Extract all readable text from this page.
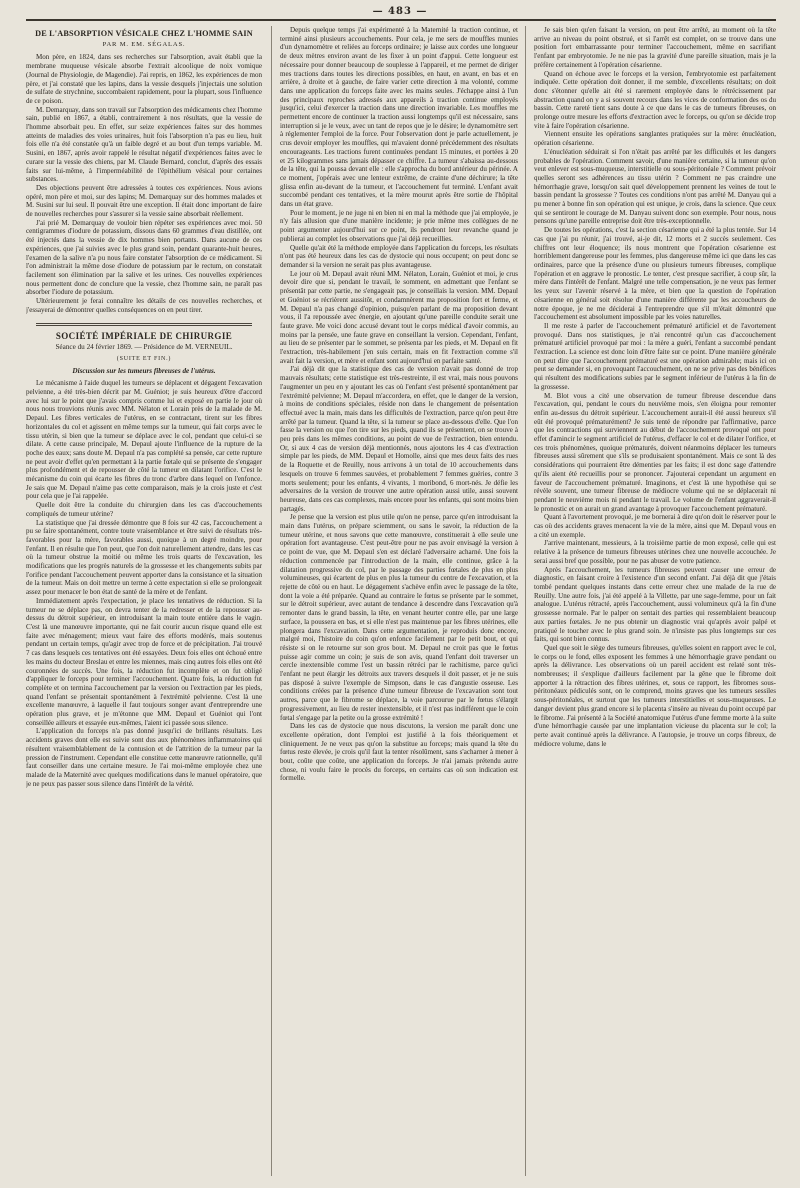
— 483 —
DE L'ABSORPTION VÉSICALE CHEZ L'HOMME SAIN
PAR M. EM. SÉGALAS.

Mon père, en 1824, dans ses recherches sur l'absorption, avait établi que la membrane muqueuse vésicale absorbe l'extrait alcoolique de noix vomique (Journal de Physiologie, de Magendie). J'ai repris, en 1862, les expériences de mon père, et j'ai constaté que les lapins, dans la vessie desquels j'injectais une solution de sulfate de strychnine, succombaient rapidement, pour la plupart, sous l'influence de ce poison.

M. Demarquay, dans son travail sur l'absorption des médicaments chez l'homme sain, publié en 1867, a établi, contrairement à nos résultats, que la vessie de l'homme absorbait peu. En effet, sur seize expériences faites sur des hommes atteints de maladies des voies urinaires, huit fois l'absorption n'a pas eu lieu, huit fois elle n'a été constatée qu'à un faible degré et au bout d'un temps variable. M. Susini, en 1867, après avoir rappelé le résultat négatif d'expériences faites avec le curare sur la vessie des chiens, par M. Claude Bernard, conclut, d'après des essais faits sur lui-même, à l'imperméabilité de l'épithélium vésical pour certaines substances.

Des objections peuvent être adressées à toutes ces expériences. Nous avions opéré, mon père et moi, sur des lapins; M. Demarquay sur des hommes malades et M. Susini sur lui seul. Il pouvait être une exception. Il était donc important de faire de nouvelles recherches pour s'assurer si la vessie saine absorbait réellement.

J'ai prié M. Demarquay de vouloir bien répéter ses expériences avec moi. 50 centigrammes d'iodure de potassium, dissous dans 60 grammes d'eau distillée, ont été injectés dans la vessie de dix hommes bien portants. Dans aucune de ces expériences, que j'ai suivies avec le plus grand soin, pendant quarante-huit heures, l'examen de la salive n'a pu nous faire constater l'absorption de ce médicament. Si l'on administrait la même dose d'iodure de potassium par le rectum, on constatait facilement son élimination par la salive et les urines. Ces nouvelles expériences nous permettent donc de conclure que la vessie, chez l'homme sain, ne paraît pas absorber l'iodure de potassium.

Ultérieurement je ferai connaître les détails de ces nouvelles recherches, et j'essayerai de démontrer quelles conséquences on en peut tirer.

SOCIÉTÉ IMPÉRIALE DE CHIRURGIE
Séance du 24 février 1869. — Présidence de M. VERNEUIL.
(SUITE ET FIN.)
Discussion sur les tumeurs fibreuses de l'utérus.

Le mécanisme à l'aide duquel les tumeurs se déplacent et dégagent l'excavation pelvienne, a été très-bien décrit par M. Guéniot; je suis heureux d'être d'accord avec lui sur le point que j'avais compris comme lui et exposé en partie le jour où nous nous trouvions réunis avec MM. Nélaton et Lorain près de la malade de M. Depaul. Les fibres verticales de l'utérus, en se contractant, tirent sur les fibres horizontales du col et agissent en même temps sur la tumeur, qui fait corps avec le tissu utérin, si bien que la tumeur se déplace avec le col, pendant que celui-ci se dilate. A cette cause principale, M. Depaul ajoute l'influence de la rupture de la poche des eaux; sans doute M. Depaul n'a pas complété sa pensée, car cette rupture ne peut avoir d'effet qu'en permettant à la partie fœtale qui se présente de s'engager plus profondément et de repousser de côté la tumeur en dilatant l'orifice. C'est le mécanisme du coin qui écarte les fibres du tronc d'arbre dans lequel on l'enfonce. Je sais que M. Depaul n'aime pas cette comparaison, mais je la crois juste et c'est pour cela que je l'ai rappelée.

Quelle doit être la conduite du chirurgien dans les cas d'accouchements compliqués de tumeur utérine?

La statistique que j'ai dressée démontre que 8 fois sur 42 cas, l'accouchement a pu se faire spontanément, contre toute vraisemblance et être suivi de résultats très-favorables pour la mère, favorables aussi, quoique à un degré moindre, pour l'enfant. Il en résulte que l'on peut, que l'on doit naturellement attendre, dans les cas où la tumeur obstrue la moitié ou même les trois quarts de l'excavation, les modifications que les progrès naturels de la grossesse et les changements subits par l'orifice pendant l'accouchement peuvent apporter dans la consistance et la situation de la tumeur. Mais on doit mettre un terme à cette expectation si elle se prolongeait assez pour menacer le bon état de santé de la mère et de l'enfant.

Immédiatement après l'expectation, je place les tentatives de réduction. Si la tumeur ne se déplace pas, on devra tenter de la redresser et de la repousser au-dessus du détroit supérieur, en introduisant la main toute entière dans le vagin. C'est là une manœuvre importante, qui ne fait courir aucun risque quand elle est faite avec ménagement; mieux vaut faire des efforts modérés, mais soutenus pendant un certain temps, qu'agir avec trop de force et de précipitation. J'ai trouvé 7 cas dans lesquels ces tentatives ont été essayées. Deux fois elles ont échoué entre les mains du docteur Breslau et entre les miennes, mais cinq autres fois elles ont été couronnées de succès. Une fois, la réduction fut incomplète et on fut obligé d'appliquer le forceps pour terminer l'accouchement. Quatre fois, la réduction fut complète et on termina l'accouchement par la version ou l'extraction par les pieds, quand l'enfant se présentait spontanément à l'extrémité pelvienne. C'est là une excellente manœuvre, à laquelle il faut toujours songer avant d'entreprendre une opération plus grave, et je m'étonne que MM. Depaul et Guéniot qui l'ont conseillée ailleurs et essayée eux-mêmes, l'aient ici passée sous silence.

L'application du forceps n'a pas donné jusqu'ici de brillants résultats. Les accidents graves dont elle est suivie sont dus aux phénomènes inflammatoires qui résultent vraisemblablement de la contusion et de l'attrition de la tumeur par la pression de l'instrument. Cependant elle constitue cette manœuvre rationnelle, qu'il faut conseiller dans une certaine mesure. Je l'ai moi-même employée chez une malade de la Maternité avec quelques modifications dans le manuel opératoire, que je ne peux pas passer sous silence dans l'intérêt de la vérité.

Depuis quelque temps j'ai expérimenté à la Maternité la traction continue, et terminé ainsi plusieurs accouchements. Pour cela, je me sers de mouffles munies d'un dynamomètre et reliées au forceps ordinaire; je laisse aux cordes une longueur de deux mètres environ avant de les fixer à un point d'appui. Cette longueur est nécessaire pour donner beaucoup de souplesse à l'appareil, et me permet de diriger mes tractions dans toutes les directions possibles, en haut, en avant, en bas et en arrière, à droite et à gauche, de faire varier cette direction à ma volonté, comme dans une application du forceps faite avec les mains seules. J'échappe ainsi à l'un des principaux reproches adressés aux appareils à traction continue employés jusqu'ici, celui d'exercer la traction dans une direction invariable. Les mouffles me permettent encore de continuer la traction aussi longtemps qu'il est nécessaire, sans interruption si je le veux, avec un tant de repos que je le désire; le dynamomètre sert à réglementer l'emploi de la force. Pour l'observation dont je parle actuellement, je crus devoir employer les mouffles, qui m'avaient donné précédemment des résultats encourageants. Les tractions furent continuées pendant 15 minutes, et portées à 20 et 25 kilogrammes sans jamais dépasser ce chiffre. La tumeur s'abaissa au-dessous de la tête, qui la poussa devant elle : elle s'approcha du bord antérieur du périnée. A ce moment, j'opérais avec une lenteur extrême, de crainte d'une déchirure; la tête glissa enfin au-devant de la tumeur, et l'accouchement fut terminé. L'enfant avait succombé pendant ces tentatives, et la mère mourut après être sortie de l'hôpital dans un état grave.

Pour le moment, je ne juge ni en bien ni en mal la méthode que j'ai employée, je n'y fais allusion que d'une manière incidente; je prie même mes collègues de ne point argumenter aujourd'hui sur ce point, ils pendront leur revanche quand je publierai au complet les observations que j'ai déjà recueillies.

Quelle qu'ait été la méthode employée dans l'application du forceps, les résultats n'ont pas été heureux dans les cas de dystocie qui nous occupent; on peut donc se demander si la version ne serait pas plus avantageuse.

Le jour où M. Depaul avait réuni MM. Nélaton, Lorain, Guéniot et moi, je crus devoir dire que si, pendant le travail, le somment, en admettant que l'enfant se présentât par cette partie, ne s'engageait pas, je conseillais la version. MM. Depaul et Guéniot se récrièrent aussitôt, et condamnèrent ma proposition fort et ferme, et M. Depaul n'a pas changé d'opinion, puisqu'en parlant de ma proposition devant vous, il l'a repoussée avec énergie, en ajoutant qu'une pareille conduite serait une faute grave. Me voici donc accusé devant tout le corps médical d'avoir commis, au moins par la pensée, une faute grave en conseillant la version. Cependant, l'enfant, au lieu de se présenter par le sommet, se présenta par les pieds, et M. Depaul en fit l'extraction, très-habilement j'en suis certain, mais en fit l'extraction comme s'il avait fait la version, et mère et enfant sont aujourd'hui en parfaite santé.

J'ai déjà dit que la statistique des cas de version n'avait pas donné de trop mauvais résultats; cette statistique est très-restreinte, il est vrai, mais nous pouvons l'augmenter un peu en y ajoutant les cas où l'enfant s'est présenté spontanément par l'extrémité pelvienne; M. Depaul m'accordera, en effet, que le danger de la version, à moins de conditions spéciales, réside non dans le changement de présentation effectué avec la main, mais dans les difficultés de l'extraction, parce qu'on peut être arrêté par la tumeur. Quand la tête, si la tumeur se place au-dessous d'elle. Que l'on fasse la version ou que l'on tire sur les pieds, quand ils se présentent, on se trouve à peu près dans les mêmes conditions, au point de vue de l'extraction, bien entendu. Or, si aux 4 cas de version déjà mentionnés, nous ajoutons les 4 cas d'extraction simple par les pieds, de MM. Depaul et Homolle, ainsi que mes deux faits des rues de la Roquette et de Reuilly, nous arrivons à un total de 10 accouchements dans lesquels on trouve 6 femmes sauvées, et probablement 7 femmes guéries, contre 3 morts seulement; pour les enfants, 4 vivants, 1 moribond, 6 mort-nés. Je défie les adversaires de la version de trouver une autre opération aussi utile, aussi souvent heureuse, dans ces cas complexes, mais encore pour les enfants, qui sont moins bien partagés.

Je pense que la version est plus utile qu'on ne pense, parce qu'en introduisant la main dans l'utérus, on prépare sciemment, ou sans le savoir, la réduction de la tumeur utérine, et nous savons que cette manœuvre, constituerait à elle seule une opération fort avantageuse. C'est peut-être pour ne pas avoir envisagé la version à ce point de vue, que M. Depaul s'en est déclaré l'adversaire acharné. Une fois la réduction commencée par l'introduction de la main, elle continue, grâce à la dilatation progressive du col, par le passage des parties fœtales de plus en plus volumineuses, qui écartent de plus en plus la tumeur du centre de l'excavation, et la rejette de côté ou en haut. Le dégagement s'achève enfin avec le passage de la tête, dont la voie a été préparée. Quand au contraire le fœtus se présente par le sommet, sur le détroit supérieur, avec autant de tendance à descendre dans l'excavation qu'à remonter dans le grand bassin, la tête, en venant heurter contre elle, par une large surface, la poussera en bas, et si elle n'est pas maintenue par les fibres utérines, elle plongera dans l'excavation. Dans cette argumentation, je reproduis donc encore, malgré moi, l'histoire du coin qu'on enfonce facilement par le petit bout, et qui résiste si on le retourne sur son gros bout. M. Depaul ne croit pas que le fœtus puisse agir comme un coin; je suis de son avis, quand l'enfant doit traverser un cercle inextensible comme l'est un bassin rétréci par le rachitisme, parce qu'ici l'enfant ne peut élargir les détroits aux travers desquels il doit passer, et je ne suis pas disposé à suivre l'exemple de Simpson, dans le cas d'angustie osseuse. Les conditions créées par la présence d'une tumeur fibreuse de l'excavation sont tout autres, parce que le fibrome se déplace, la voie parcourue par le fœtus s'élargit progressivement, au lieu de rester inextensible, et il n'est pas indifférent que le coin fœtal s'engage par la petite ou la grosse extrémité !

Dans les cas de dystocie que nous discutons, la version me paraît donc une excellente opération, dont l'emploi est justifié à la fois théoriquement et cliniquement. Je ne veux pas qu'on la substitue au forceps; mais quand la tête du fœtus reste élevée, je crois qu'il faut la tenter résolûment, sans s'acharner à mener à bout, coûte que coûte, une application du forceps. Je n'ai jamais prétendu autre chose, ni voulu faire le procès du forceps, en certains cas où son indication est formelle.

Je sais bien qu'en faisant la version, on peut être arrêté, au moment où la tête arrive au niveau du point obstrué, et si l'arrêt est complet, on se trouve dans une position fort embarrassante pour terminer l'accouchement, même en sacrifiant l'enfant par embryotomie. Je ne nie pas la gravité d'une pareille situation, mais je la préfère certainement à l'opération césarienne.

Quand on échoue avec le forceps et la version, l'embryotomie est parfaitement indiquée. Cette opération doit donner, il me semble, d'excellents résultats; on doit donc s'étonner qu'elle ait été si rarement employée dans le rétrécissement par abstraction quand on y a si souvent recours dans les vices de conformation des os du bassin. Cette rareté tient sans doute à ce que dans le cas de tumeurs fibreuses, on prolonge outre mesure les efforts d'extraction avec le forceps, ou qu'on se décide trop vite à faire l'opération césarienne.

Viennent ensuite les opérations sanglantes pratiquées sur la mère: énucléation, opération césarienne.

L'énucléation séduirait si l'on n'était pas arrêté par les difficultés et les dangers probables de l'opération. Comment savoir, d'une manière certaine, si la tumeur qu'on veut enlever est sous-muqueuse, interstitielle ou sous-péritonéale ? Comment prévoir quelles seront ses adhérences au tissu utérin ? Comment ne pas craindre une hémorrhagie grave, lorsqu'on sait quel développement prennent les veines de tout le bassin pendant la grossesse ? Toutes ces conditions n'ont pas arrêté M. Danyau qui a pu mener à bonne fin son opération qui est unique, je crois, dans la science. Que ceux qui se sentiront le courage de M. Danyau suivent donc son exemple. Pour nous, nous pensons qu'une pareille entreprise doit être très-exceptionnelle.

De toutes les opérations, c'est la section césarienne qui a été la plus tentée. Sur 14 cas que j'ai pu réunir, j'ai trouvé, ai-je dit, 12 morts et 2 succès seulement. Ces chiffres ont leur éloquence; ils nous montrent que l'opération césarienne est horriblement dangereuse pour les femmes, plus dangereuse même ici que dans les cas ordinaires, parce que la présence d'une ou plusieurs tumeurs fibreuses, complique l'opération et en aggrave le pronostic. Le tenter, c'est presque sacrifier, à coup sûr, la mère dans l'intérêt de l'enfant. Malgré une telle compensation, je ne veux pas fermer les yeux sur l'avenir réservé à la mère, et bien que la question de l'opération césarienne en général soit résolue d'une manière différente par les accoucheurs de notre époque, je ne me déciderai à l'entreprendre que s'il m'était démontré que l'accouchement est absolument impossible par les voies naturelles.

Il me reste à parler de l'accouchement prématuré artificiel et de l'avortement provoqué. Dans nos statistiques, je n'ai rencontré qu'un cas d'accouchement prématuré artificiel provoqué par moi : la mère a guéri, l'enfant a succombé pendant l'extraction. La science est donc loin d'être faite sur ce point. D'une manière générale on peut dire que l'accouchement prématuré est une opération admirable; mais ici on peut se demander si, en provoquant l'accouchement, on ne se prive pas des bénéfices qui résultent des modifications subies par le segment inférieur de l'utérus à la fin de la grossesse.

M. Blot vous a cité une observation de tumeur fibreuse descendue dans l'excavation, qui, pendant le cours du neuvième mois, s'en éloigna pour remonter enfin au-dessus du détroit supérieur. L'accouchement aurait-il été aussi heureux s'il eût été provoqué prématurément? Je suis tenté de répondre par l'affirmative, parce que les contractions qui surviennent au début de l'accouchement provoqué ont pour effet d'amincir le segment artificiel de l'utérus, d'effacer le col et de dilater l'orifice, et ces trois phénomènes, quoique prématurés, doivent néanmoins déplacer les tumeurs fibreuses aussi sûrement que s'ils se produisaient spontanément. Mais ce sont là des considérations qui pourraient être démenties par les faits; il est donc sage d'attendre qu'ils aient été recueillis pour se prononcer. J'ajouterai cependant un argument en faveur de l'accouchement prématuré. Imaginons, et c'est là une hypothèse qui se révèle souvent, une tumeur fibreuse de médiocre volume qui ne se déplacerait ni pendant le neuvième mois ni pendant le travail. Le volume de l'enfant aggraverait-il le pronostic et on aurait un grand avantage à provoquer l'accouchement prématuré.

Quant à l'avortement provoqué, je me bornerai à dire qu'on doit le réserver pour le cas où des accidents graves menacent la vie de la mère, ainsi que M. Depaul vous en a cité un exemple.

J'arrive maintenant, messieurs, à la troisième partie de mon exposé, celle qui est relative à la présence de tumeurs fibreuses utérines chez une nouvelle accouchée. Je serai aussi bref que possible, pour ne pas abuser de votre patience.

Après l'accouchement, les tumeurs fibreuses peuvent causer une erreur de diagnostic, en faisant croire à l'existence d'un second enfant. J'ai déjà dit que j'étais tombé pendant quelques instants dans cette erreur chez une malade de la rue de Reuilly. Une autre fois, j'ai été appelé à la Villette, par une sage-femme, pour un fait analogue. L'utérus rétracté, après l'accouchement, aussi volumineux qu'à la fin d'une grossesse normale. Par le palper on sentait des parties qui ressemblaient beaucoup aux parties fœtales. Je ne pus obtenir un diagnostic vrai qu'après avoir palpé et pratiqué le toucher avec le plus grand soin. Je n'insiste pas plus longtemps sur ces faits, qui sont bien connus.

Quel que soit le siège des tumeurs fibreuses, qu'elles soient en rapport avec le col, le corps ou le fond, elles exposent les femmes à une hémorrhagie grave pendant ou après la délivrance. Les observations où un pareil accident est relaté sont très-nombreuses; il s'explique d'ailleurs facilement par la gêne que le fibrome doit apporter à la rétraction des fibres utérines, et, sous ce rapport, les fibromes sous-péritonéaux pédiculés sont, on le comprend, moins graves que les tumeurs sessiles sous-péritonéales, et surtout que les tumeurs interstitielles et sous-muqueuses. Le danger devient plus grand encore si le placenta s'insère au niveau du point occupé par le fibrome. J'ai présenté à la Société anatomique l'utérus d'une femme morte à la suite d'une hémorrhagie causée par une implantation vicieuse du placenta sur le col; la perte avait continué après la délivrance. A l'autopsie, je trouve un corps fibreux, de médiocre volume, dans le
